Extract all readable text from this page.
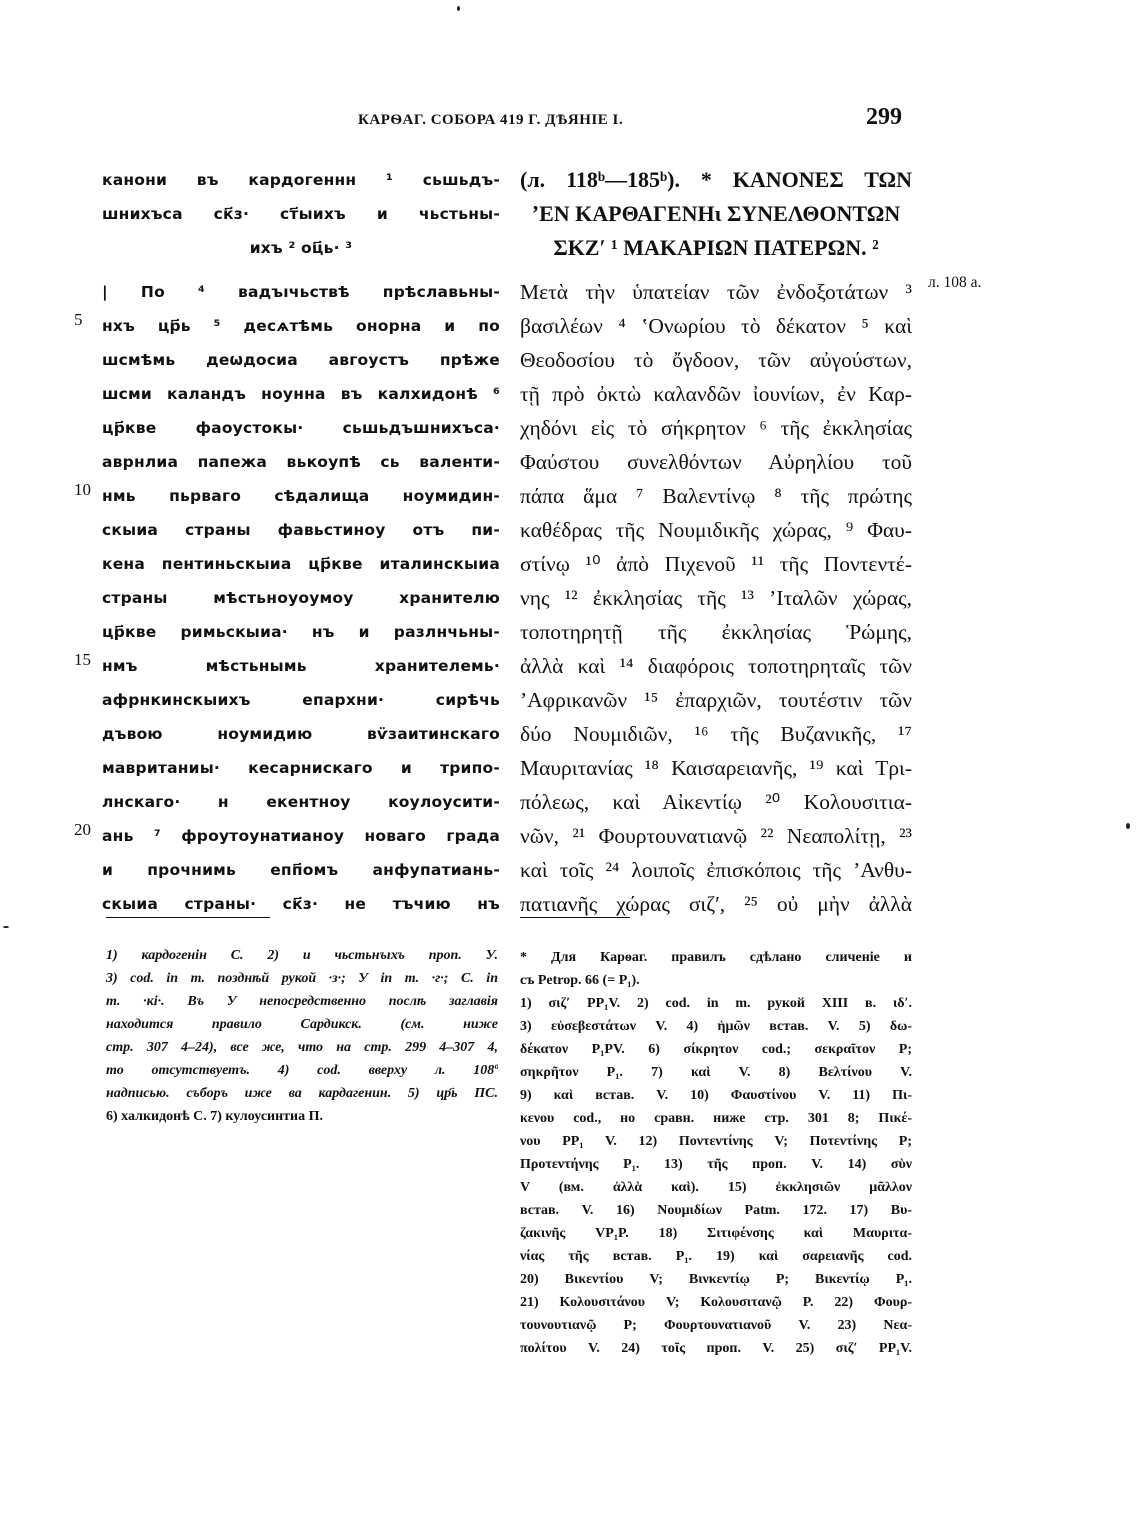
КАРѲАГ. СОБОРА 419 Г. ДѢЯНІЕ I.	299
канони въ кардогеннн ¹ сьшьдъ-
шнихъса ск҃з· ст҃ыихъ и чьстьны-
ихъ ² оц҃ь· ³
| По ⁴ вадъıчьствѣ прѣславьны-
нхъ цр҃ь ⁵ десѧтѣмь онорна и по
шсмѣмь деωдосиа авгоустъ прѣже
шсми каландъ ноунна въ калхидонѣ ⁶
цр҃кве фаоустокы· сьшьдъшнихъса·
аврнлиа папежа вькоупѣ сь валенти-
нмь пьрваго сѣдалища ноумидин-
скыиа страны фавьстиноу отъ пи-
кена пентиньскыиа цр҃кве италинскыиа
страны мѣстьноуоумоу хранителю
цр҃кве римьскыиа· нъ и разлнчьны-
нмъ мѣстьнымь хранителемь·
афрнкинскыихъ епархни· сирѣчь
дъвою ноумидию вѵ̈заитинскаго
мавританиы· кесарнискаго и трипо-
лнскаго· н екентноу коулоусити-
ань ⁷ фроутоунатианоу новаго града
и прочнимь епп҃омъ анфупатиань-
скыиа страны· ск҃з· не тъчию нъ
5
10
15
20
(л. 118ᵇ—185ᵇ). * ΚΑΝΟΝΕΣ ΤΩΝ
ʼΕΝ ΚΑΡΘΑΓΕΝΗι ΣΥΝΕΛΘΟΝΤΩΝ
ΣΚΖʹ ¹ ΜΑΚΑΡΙΩΝ ΠΑΤΕΡΩΝ. ²
Μετὰ τὴν ὑπατείαν τῶν ἐνδοξοτάτων ³
βασιλέων ⁴ ʽΟνωρίου τὸ δέκατον ⁵ καὶ
Θεοδοσίου τὸ ὄγδοον, τῶν αὐγούστων,
τῇ πρὸ ὀκτὼ καλανδῶν ἰουνίων, ἐν Καρ-
χηδόνι εἰς τὸ σήκρητον ⁶ τῆς ἐκκλησίας
Φαύστου συνελθόντων Αὐρηλίου τοῦ
πάπα ἅμα ⁷ Βαλεντίνῳ ⁸ τῆς πρώτης
καθέδρας τῆς Νουμιδικῆς χώρας, ⁹ Φαυ-
στίνῳ ¹⁰ ἀπὸ Πιχενοῦ ¹¹ τῆς Ποντεντέ-
νης ¹² ἐκκλησίας τῆς ¹³ ʼΙταλῶν χώρας,
τοποτηρητῇ τῆς ἐκκλησίας Ῥώμης,
ἀλλὰ καὶ ¹⁴ διαφόροις τοποτηρηταῖς τῶν
ʼΑφρικανῶν ¹⁵ ἐπαρχιῶν, τουτέστιν τῶν
δύο Νουμιδιῶν, ¹⁶ τῆς Βυζανικῆς, ¹⁷
Μαυριτανίας ¹⁸ Καισαρειανῆς, ¹⁹ καὶ Τρι-
πόλεως, καὶ Αἰκεντίῳ ²⁰ Κολουσιτια-
νῶν, ²¹ Φουρτουνατιανῷ ²² Νεαπολίτῃ, ²³
καὶ τοῖς ²⁴ λοιποῖς ἐπισκόποις τῆς ʼΑνθυ-
πατιανῆς χώρας σιζʹ, ²⁵ οὐ μὴν ἀλλὰ
л. 108 а.
1) кардогенін C. 2) и чьстьнъıхъ проп. У.
3) cod. in m. позднѣй рукой ·з·; У in m. ·г·; C. in
m. ·кі·. Въ У непосредственно послѣ заглавія
находится правило Сардикск. (см. ниже
стр. 307 4–24), все же, что на стр. 299 4–307 4,
то отсутствуетъ. 4) cod. вверху л. 108ª
надписью. съборъ иже ва кардагенин. 5) цр҃ь ПС.
6) халкидонѣ C. 7) кулоусинтиа П.
* Для Карѳаг. правилъ сдѣлано сличеніе и
съ Petrop. 66 (= P₁).
1) σιζʹ PP₁V. 2) cod. in m. рукой XIII в. ιδʹ.
3) εὐσεβεστάτων V. 4) ἡμῶν встав. V. 5) δω-
δέκατον P₁PV. 6) σίκρητον cod.; σεκραῖτον P;
σηκρῆτον P₁. 7) καὶ V. 8) Βελτίνου V.
9) καὶ встав. V. 10) Φαυστίνου V. 11) Πι-
κενου cod., но сравн. ниже стр. 301 8; Πικέ-
νου PP₁ V. 12) Ποντεντίνης V; Ποτεντίνης P;
Προτεντήνης P₁. 13) τῆς проп. V. 14) σὺν
V (вм. ἀλλὰ καὶ). 15) ἐκκλησιῶν μᾶλλον
встав. V. 16) Νουμιδίων Patm. 172. 17) Βυ-
ζακινῆς VP₁P. 18) Σιτιφένσης καὶ Μαυριτα-
νίας τῆς встав. P₁. 19) καὶ σαρειανῆς cod.
20) Βικεντίου V; Βινκεντίῳ P; Βικεντίῳ P₁.
21) Κολουσιτάνου V; Κολουσιτανῷ P. 22) Φουρ-
τουνουτιανῷ P; Φουρτουνατιανοῦ V. 23) Νεα-
πολίτου V. 24) τοῖς проп. V. 25) σιζʹ PP₁V.
